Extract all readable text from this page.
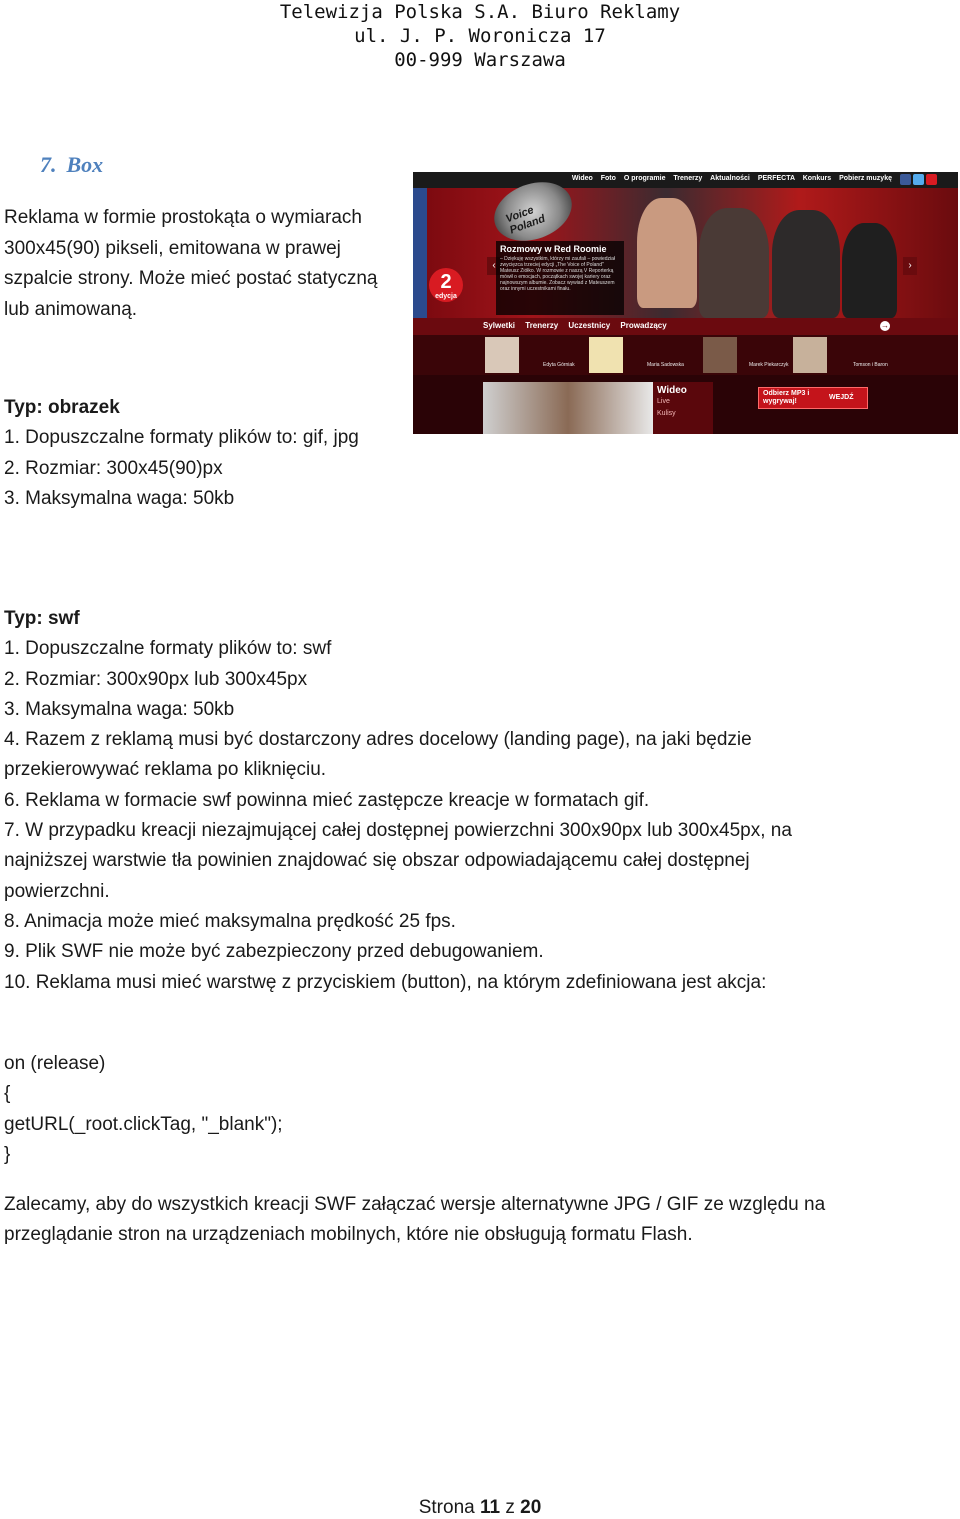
Telewizja Polska S.A. Biuro Reklamy
ul. J. P. Woronicza 17
00-999 Warszawa
7. Box
Reklama w formie prostokąta o wymiarach
300x45(90) pikseli, emitowana w prawej
szpalcie strony. Może mieć postać statyczną
lub animowaną.
Wideo Foto O programie Trenerzy Aktualności PERFECTA Konkurs Pobierz muzykę
‹	›
Voice Poland
2
edycja
Rozmowy w Red Roomie
– Dziękuję wszystkim, którzy mi zaufali – powiedział zwycięzca trzeciej edycji „The Voice of Poland" Mateusz Ziółko. W rozmowie z naszą V Reporterką mówił o emocjach, początkach swojej kariery oraz najnowszym albumie. Zobacz wywiad z Mateuszem oraz innymi uczestnikami finału.
Sylwetki Trenerzy Uczestnicy Prowadzący	→
Edyta Górniak	Maria Sadowska	Marek Piekarczyk	Tomson i Baron
Wideo
Live
Kulisy
Odbierz MP3 i wygrywaj!
WEJDŹ
Typ: obrazek
1. Dopuszczalne formaty plików to: gif, jpg
2. Rozmiar: 300x45(90)px
3. Maksymalna waga: 50kb
Typ: swf
1. Dopuszczalne formaty plików to: swf
2. Rozmiar: 300x90px lub 300x45px
3. Maksymalna waga: 50kb
4. Razem z reklamą musi być dostarczony adres docelowy (landing page), na jaki będzie
przekierowywać reklama po kliknięciu.
6. Reklama w formacie swf powinna mieć zastępcze kreacje w formatach gif.
7. W przypadku kreacji niezajmującej całej dostępnej powierzchni 300x90px lub 300x45px, na
najniższej warstwie tła powinien znajdować się obszar odpowiadającemu całej dostępnej
powierzchni.
8. Animacja może mieć maksymalna prędkość 25 fps.
9. Plik SWF nie może być zabezpieczony przed debugowaniem.
10. Reklama musi mieć warstwę z przyciskiem (button), na którym zdefiniowana jest akcja:
on (release)
{
getURL(_root.clickTag, "_blank");
}
Zalecamy, aby do wszystkich kreacji SWF załączać wersje alternatywne JPG / GIF ze względu na
przeglądanie stron na urządzeniach mobilnych, które nie obsługują formatu Flash.
Strona 11 z 20
